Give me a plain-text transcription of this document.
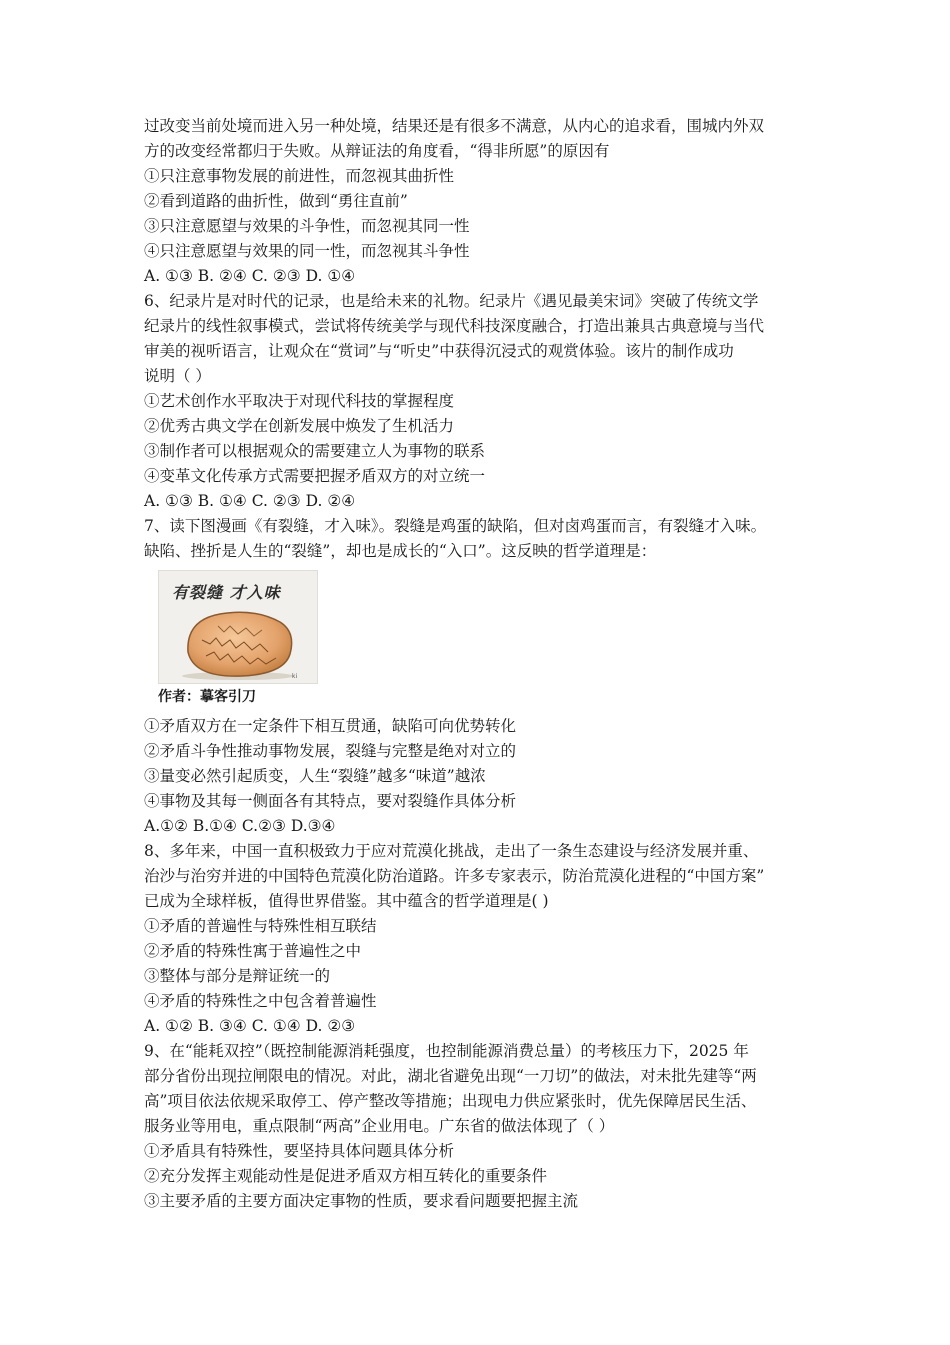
过改变当前处境而进入另一种处境，结果还是有很多不满意，从内心的追求看，围城内外双
方的改变经常都归于失败。从辩证法的角度看，“得非所愿”的原因有
①只注意事物发展的前进性，而忽视其曲折性
②看到道路的曲折性，做到“勇往直前”
③只注意愿望与效果的斗争性，而忽视其同一性
④只注意愿望与效果的同一性，而忽视其斗争性
A. ①③ B. ②④ C. ②③ D. ①④
6、纪录片是对时代的记录，也是给未来的礼物。纪录片《遇见最美宋词》突破了传统文学
纪录片的线性叙事模式，尝试将传统美学与现代科技深度融合，打造出兼具古典意境与当代
审美的视听语言，让观众在“赏词”与“听史”中获得沉浸式的观赏体验。该片的制作成功
说明（ ）
①艺术创作水平取决于对现代科技的掌握程度
②优秀古典文学在创新发展中焕发了生机活力
③制作者可以根据观众的需要建立人为事物的联系
④变革文化传承方式需要把握矛盾双方的对立统一
A. ①③ B. ①④ C. ②③ D. ②④
7、读下图漫画《有裂缝，才入味》。裂缝是鸡蛋的缺陷，但对卤鸡蛋而言，有裂缝才入味。
缺陷、挫折是人生的“裂缝”，却也是成长的“入口”。这反映的哲学道理是：
ki
有裂缝 才入味
作者：摹客引刀
①矛盾双方在一定条件下相互贯通，缺陷可向优势转化
②矛盾斗争性推动事物发展，裂缝与完整是绝对对立的
③量变必然引起质变，人生“裂缝”越多“味道”越浓
④事物及其每一侧面各有其特点，要对裂缝作具体分析
A.①② B.①④ C.②③ D.③④
8、多年来，中国一直积极致力于应对荒漠化挑战，走出了一条生态建设与经济发展并重、
治沙与治穷并进的中国特色荒漠化防治道路。许多专家表示，防治荒漠化进程的“中国方案”
已成为全球样板，值得世界借鉴。其中蕴含的哲学道理是( )
①矛盾的普遍性与特殊性相互联结
②矛盾的特殊性寓于普遍性之中
③整体与部分是辩证统一的
④矛盾的特殊性之中包含着普遍性
A. ①② B. ③④ C. ①④ D. ②③
9、在“能耗双控”（既控制能源消耗强度，也控制能源消费总量）的考核压力下，2025 年
部分省份出现拉闸限电的情况。对此，湖北省避免出现“一刀切”的做法，对未批先建等“两
高”项目依法依规采取停工、停产整改等措施；出现电力供应紧张时，优先保障居民生活、
服务业等用电，重点限制“两高”企业用电。广东省的做法体现了（ ）
①矛盾具有特殊性，要坚持具体问题具体分析
②充分发挥主观能动性是促进矛盾双方相互转化的重要条件
③主要矛盾的主要方面决定事物的性质，要求看问题要把握主流
